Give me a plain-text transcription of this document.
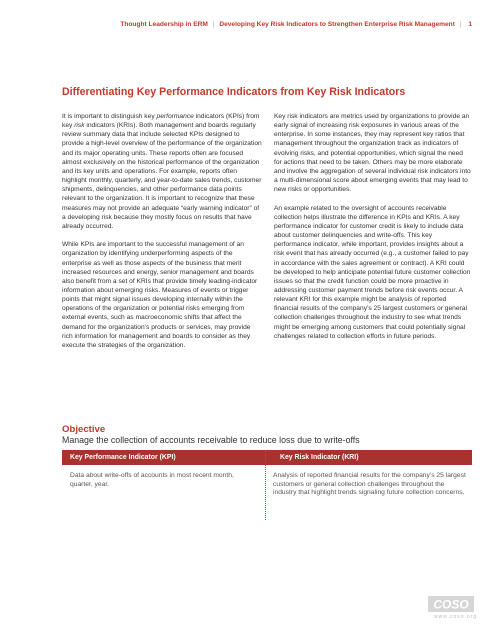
Thought Leadership in ERM | Developing Key Risk Indicators to Strengthen Enterprise Risk Management | 1
Differentiating Key Performance Indicators from Key Risk Indicators

It is important to distinguish key performance indicators (KPIs) from key risk indicators (KRIs). Both management and boards regularly review summary data that include selected KPIs designed to provide a high-level overview of the performance of the organization and its major operating units. These reports often are focused almost exclusively on the historical performance of the organization and its key units and operations. For example, reports often highlight monthly, quarterly, and year-to-date sales trends, customer shipments, delinquencies, and other performance data points relevant to the organization. It is important to recognize that these measures may not provide an adequate “early warning indicator” of a developing risk because they mostly focus on results that have already occurred.

While KPIs are important to the successful management of an organization by identifying underperforming aspects of the enterprise as well as those aspects of the business that merit increased resources and energy, senior management and boards also benefit from a set of KRIs that provide timely leading-indicator information about emerging risks. Measures of events or trigger points that might signal issues developing internally within the operations of the organization or potential risks emerging from external events, such as macroeconomic shifts that affect the demand for the organization’s products or services, may provide rich information for management and boards to consider as they execute the strategies of the organization.

Key risk indicators are metrics used by organizations to provide an early signal of increasing risk exposures in various areas of the enterprise. In some instances, they may represent key ratios that management throughout the organization track as indicators of evolving risks, and potential opportunities, which signal the need for actions that need to be taken. Others may be more elaborate and involve the aggregation of several individual risk indicators into a multi-dimensional score about emerging events that may lead to new risks or opportunities.

An example related to the oversight of accounts receivable collection helps illustrate the difference in KPIs and KRIs. A key performance indicator for customer credit is likely to include data about customer delinquencies and write-offs. This key performance indicator, while important, provides insights about a risk event that has already occurred (e.g., a customer failed to pay in accordance with the sales agreement or contract). A KRI could be developed to help anticipate potential future customer collection issues so that the credit function could be more proactive in addressing customer payment trends before risk events occur. A relevant KRI for this example might be analysis of reported financial results of the company’s 25 largest customers or general collection challenges throughout the industry to see what trends might be emerging among customers that could potentially signal challenges related to collection efforts in future periods.

Objective
Manage the collection of accounts receivable to reduce loss due to write-offs
Key Performance Indicator (KPI)	Key Risk Indicator (KRI)
Data about write-offs of accounts in most recent month, quarter, year.
Analysis of reported financial results for the company’s 25 largest customers or general collection challenges throughout the industry that highlight trends signaling future collection concerns.
COSO
www.coso.org
